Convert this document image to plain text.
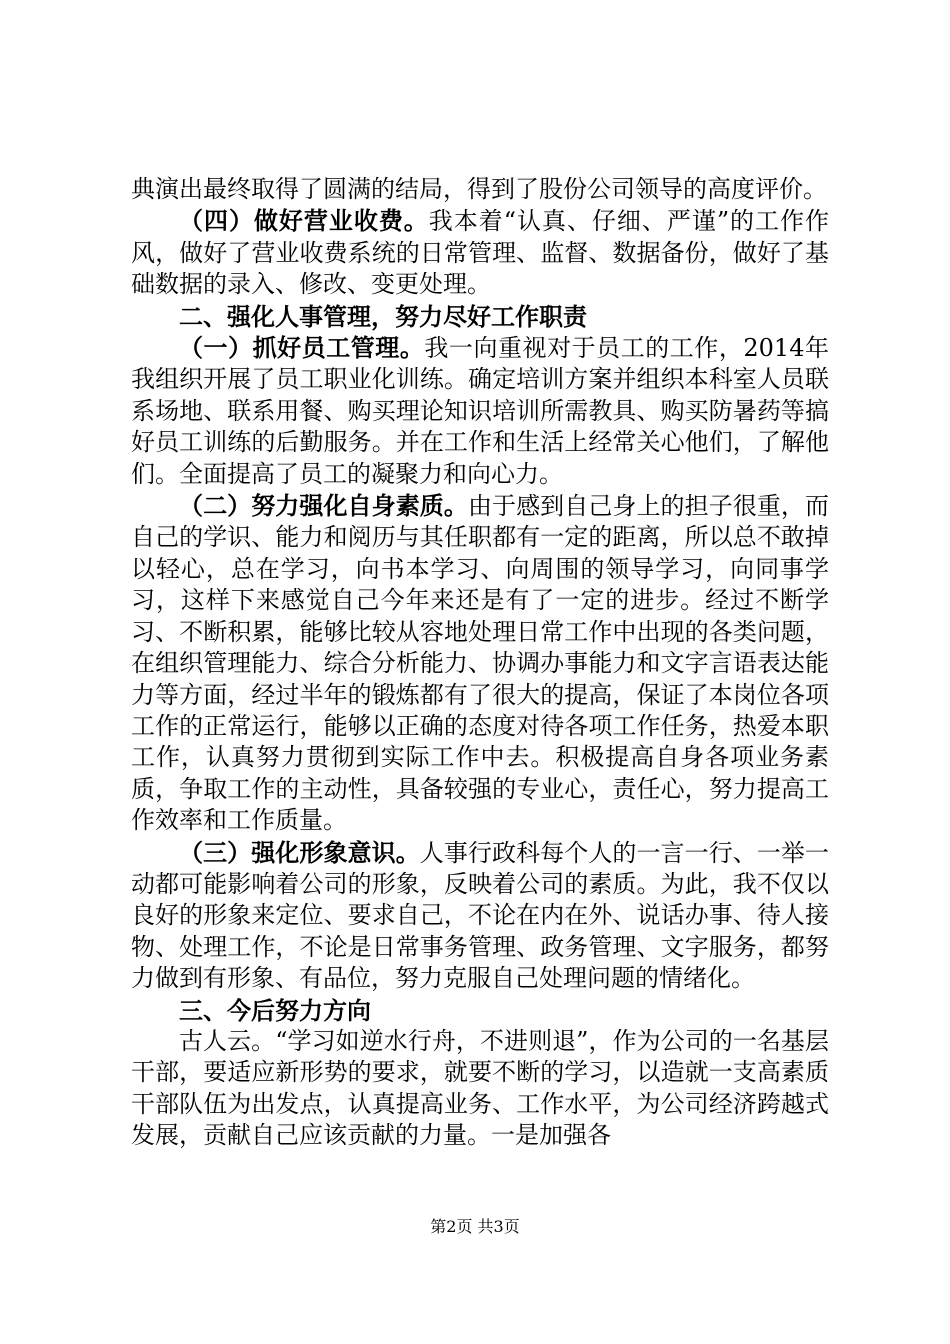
典演出最终取得了圆满的结局，得到了股份公司领导的高度评价。

（四）做好营业收费。我本着“认真、仔细、严谨”的工作作风，做好了营业收费系统的日常管理、监督、数据备份，做好了基础数据的录入、修改、变更处理。

二、强化人事管理，努力尽好工作职责

（一）抓好员工管理。我一向重视对于员工的工作，2014年我组织开展了员工职业化训练。确定培训方案并组织本科室人员联系场地、联系用餐、购买理论知识培训所需教具、购买防暑药等搞好员工训练的后勤服务。并在工作和生活上经常关心他们，了解他们。全面提高了员工的凝聚力和向心力。

（二）努力强化自身素质。由于感到自己身上的担子很重，而自己的学识、能力和阅历与其任职都有一定的距离，所以总不敢掉以轻心，总在学习，向书本学习、向周围的领导学习，向同事学习，这样下来感觉自己今年来还是有了一定的进步。经过不断学习、不断积累，能够比较从容地处理日常工作中出现的各类问题，在组织管理能力、综合分析能力、协调办事能力和文字言语表达能力等方面，经过半年的锻炼都有了很大的提高，保证了本岗位各项工作的正常运行，能够以正确的态度对待各项工作任务，热爱本职工作，认真努力贯彻到实际工作中去。积极提高自身各项业务素质，争取工作的主动性，具备较强的专业心，责任心，努力提高工作效率和工作质量。

（三）强化形象意识。人事行政科每个人的一言一行、一举一动都可能影响着公司的形象，反映着公司的素质。为此，我不仅以良好的形象来定位、要求自己，不论在内在外、说话办事、待人接物、处理工作，不论是日常事务管理、政务管理、文字服务，都努力做到有形象、有品位，努力克服自己处理问题的情绪化。

三、今后努力方向

古人云。“学习如逆水行舟，不进则退”，作为公司的一名基层干部，要适应新形势的要求，就要不断的学习，以造就一支高素质干部队伍为出发点，认真提高业务、工作水平，为公司经济跨越式发展，贡献自己应该贡献的力量。一是加强各

第2页 共3页
